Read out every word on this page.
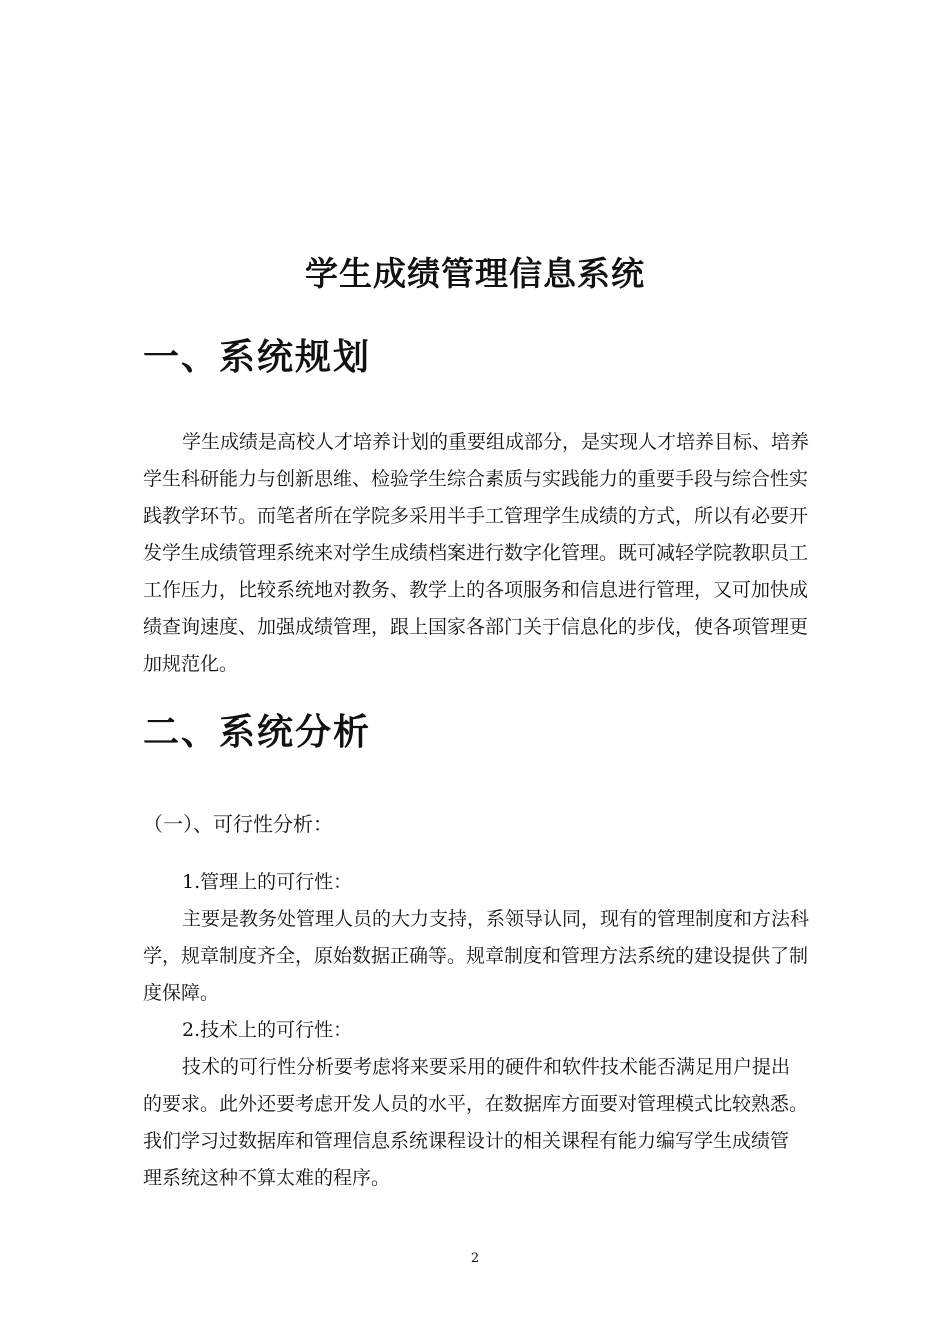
学生成绩管理信息系统
一、系统规划

学生成绩是高校人才培养计划的重要组成部分，是实现人才培养目标、培养

学生科研能力与创新思维、检验学生综合素质与实践能力的重要手段与综合性实

践教学环节。而笔者所在学院多采用半手工管理学生成绩的方式，所以有必要开

发学生成绩管理系统来对学生成绩档案进行数字化管理。既可减轻学院教职员工

工作压力，比较系统地对教务、教学上的各项服务和信息进行管理，又可加快成

绩查询速度、加强成绩管理，跟上国家各部门关于信息化的步伐，使各项管理更

加规范化。

二、系统分析
（一）、可行性分析：

1.管理上的可行性：

主要是教务处管理人员的大力支持，系领导认同，现有的管理制度和方法科

学，规章制度齐全，原始数据正确等。规章制度和管理方法系统的建设提供了制

度保障。

2.技术上的可行性：

技术的可行性分析要考虑将来要采用的硬件和软件技术能否满足用户提出

的要求。此外还要考虑开发人员的水平，在数据库方面要对管理模式比较熟悉。

我们学习过数据库和管理信息系统课程设计的相关课程有能力编写学生成绩管

理系统这种不算太难的程序。

2
